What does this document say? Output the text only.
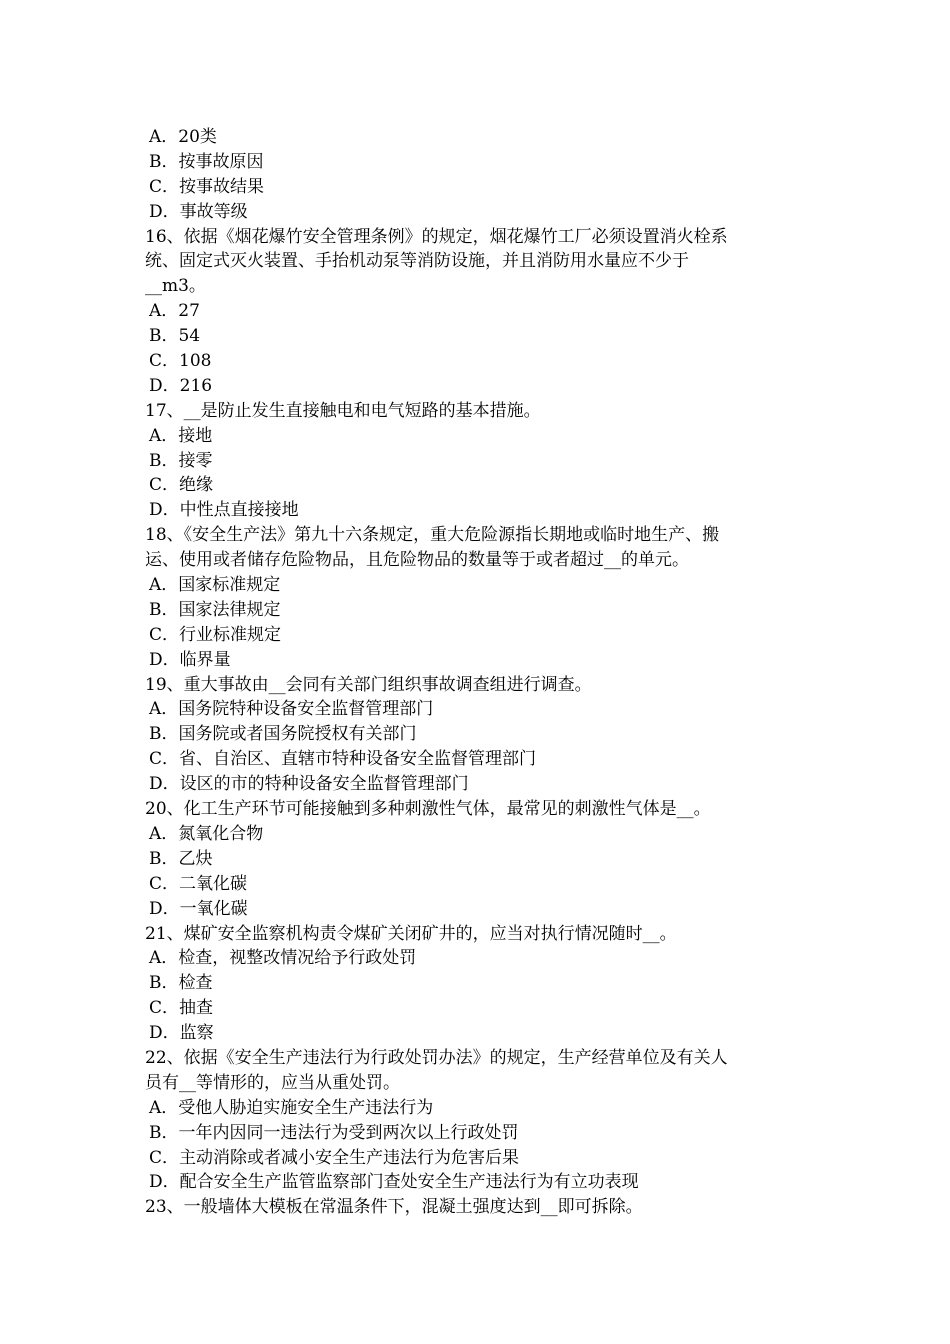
A．20类
B．按事故原因
C．按事故结果
D．事故等级
16、依据《烟花爆竹安全管理条例》的规定，烟花爆竹工厂必须设置消火栓系
统、固定式灭火装置、手抬机动泵等消防设施，并且消防用水量应不少于
__m3。
A．27
B．54
C．108
D．216
17、__是防止发生直接触电和电气短路的基本措施。
A．接地
B．接零
C．绝缘
D．中性点直接接地
18、《安全生产法》第九十六条规定，重大危险源指长期地或临时地生产、搬
运、使用或者储存危险物品，且危险物品的数量等于或者超过__的单元。
A．国家标准规定
B．国家法律规定
C．行业标准规定
D．临界量
19、重大事故由__会同有关部门组织事故调查组进行调查。
A．国务院特种设备安全监督管理部门
B．国务院或者国务院授权有关部门
C．省、自治区、直辖市特种设备安全监督管理部门
D．设区的市的特种设备安全监督管理部门
20、化工生产环节可能接触到多种刺激性气体，最常见的刺激性气体是__。
A．氮氧化合物
B．乙炔
C．二氧化碳
D．一氧化碳
21、煤矿安全监察机构责令煤矿关闭矿井的，应当对执行情况随时__。
A．检查，视整改情况给予行政处罚
B．检查
C．抽查
D．监察
22、依据《安全生产违法行为行政处罚办法》的规定，生产经营单位及有关人
员有__等情形的，应当从重处罚。
A．受他人胁迫实施安全生产违法行为
B．一年内因同一违法行为受到两次以上行政处罚
C．主动消除或者减小安全生产违法行为危害后果
D．配合安全生产监管监察部门查处安全生产违法行为有立功表现
23、一般墙体大模板在常温条件下，混凝土强度达到__即可拆除。
